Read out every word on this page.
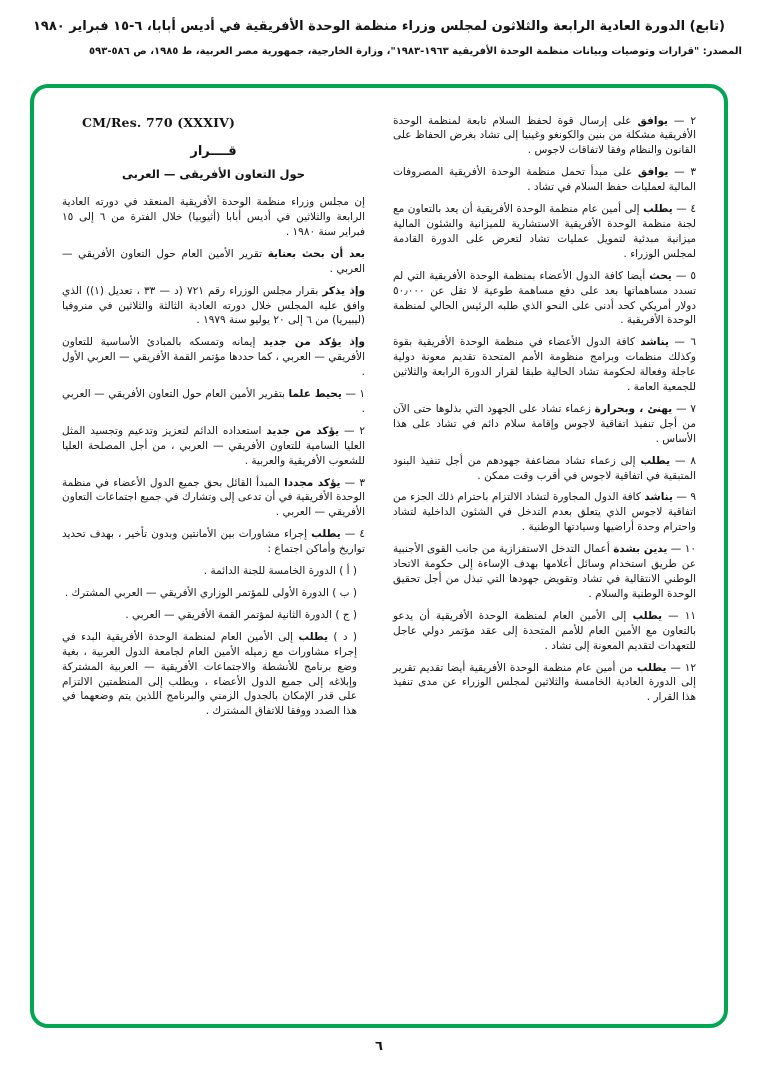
(تابع) الدورة العادية الرابعة والثلاثون لمجلس وزراء منظمة الوحدة الأفريقية في أديس أبابا، ٦-١٥ فبراير ١٩٨٠
المصدر: "قرارات وتوصيات وبيانات منظمة الوحدة الأفريقية ١٩٦٣-١٩٨٣"، وزارة الخارجية، جمهورية مصر العربية، ط ١٩٨٥، ص ٥٨٦-٥٩٣

٢ — يوافق على إرسال قوة لحفظ السلام تابعة لمنظمة الوحدة الأفريقية مشكلة من بنين والكونغو وغينيا إلى تشاد بغرض الحفاظ على القانون والنظام وفقا لاتفاقات لاجوس .

٣ — يوافق على مبدأ تحمل منظمة الوحدة الأفريقية المصروفات المالية لعمليات حفظ السلام في تشاد .

٤ — يطلب إلى أمين عام منظمة الوحدة الأفريقية أن يعد بالتعاون مع لجنة منظمة الوحدة الأفريقية الاستشارية للميزانية والشئون المالية ميزانية مبدئية لتمويل عمليات تشاد لتعرض على الدورة القادمة لمجلس الوزراء .

٥ — يحث أيضا كافة الدول الأعضاء بمنظمة الوحدة الأفريقية التي لم تسدد مساهماتها بعد على دفع مساهمة طوعية لا تقل عن ٥٠٫٠٠٠ دولار أمريكي كحد أدنى على النحو الذي طلبه الرئيس الحالي لمنظمة الوحدة الأفريقية .

٦ — يناشد كافة الدول الأعضاء في منظمة الوحدة الأفريقية بقوة وكذلك منظمات وبرامج منظومة الأمم المتحدة تقديم معونة دولية عاجلة وفعالة لحكومة تشاد الحالية طبقا لقرار الدورة الرابعة والثلاثين للجمعية العامة .

٧ — يهنئ ، وبحرارة زعماء تشاد على الجهود التي بذلوها حتى الآن من أجل تنفيذ اتفاقية لاجوس وإقامة سلام دائم في تشاد على هذا الأساس .

٨ — يطلب إلى زعماء تشاد مضاعفة جهودهم من أجل تنفيذ البنود المتبقية في اتفاقية لاجوس في أقرب وقت ممكن .

٩ — يناشد كافة الدول المجاورة لتشاد الالتزام باحترام ذلك الجزء من اتفاقية لاجوس الذي يتعلق بعدم التدخل في الشئون الداخلية لتشاد واحترام وحدة أراضيها وسيادتها الوطنية .

١٠ — يدين بشدة أعمال التدخل الاستفزازية من جانب القوى الأجنبية عن طريق استخدام وسائل أعلامها بهدف الإساءة إلى حكومة الاتحاد الوطني الانتقالية في تشاد وتقويض جهودها التي تبذل من أجل تحقيق الوحدة الوطنية والسلام .

١١ — يطلب إلى الأمين العام لمنظمة الوحدة الأفريقية أن يدعو بالتعاون مع الأمين العام للأمم المتحدة إلى عقد مؤتمر دولي عاجل للتعهدات لتقديم المعونة إلى تشاد .

١٢ — يطلب من أمين عام منظمة الوحدة الأفريقية أيضا تقديم تقرير إلى الدورة العادية الخامسة والثلاثين لمجلس الوزراء عن مدى تنفيذ هذا القرار .

CM/Res. 770 (XXXIV)
قــــرار
حول التعاون الأفريقى — العربى

إن مجلس وزراء منظمة الوحدة الأفريقية المنعقد في دورته العادية الرابعة والثلاثين في أديس أبابا (أثيوبيا) خلال الفترة من ٦ إلى ١٥ فبراير سنة ١٩٨٠ .

بعد أن بحث بعناية تقرير الأمين العام حول التعاون الأفريقي — العربي .

وإذ يذكر بقرار مجلس الوزراء رقم ٧٢١ (د — ٣٣ ، تعديل (١)) الذي وافق عليه المجلس خلال دورته العادية الثالثة والثلاثين في منروفيا (ليبيريا) من ٦ إلى ٢٠ يوليو سنة ١٩٧٩ .

وإذ يؤكد من جديد إيمانه وتمسكه بالمبادئ الأساسية للتعاون الأفريقي — العربي ، كما حددها مؤتمر القمة الأفريقي — العربي الأول .

١ — يحيط علما بتقرير الأمين العام حول التعاون الأفريقي — العربي .

٢ — يؤكد من جديد استعداده الدائم لتعزيز وتدعيم وتجسيد المثل العليا السامية للتعاون الأفريقي — العربي ، من أجل المصلحة العليا للشعوب الأفريقية والعربية .

٣ — يؤكد مجددا المبدأ القائل بحق جميع الدول الأعضاء في منظمة الوحدة الأفريقية في أن تدعى إلى وتشارك في جميع اجتماعات التعاون الأفريقي — العربي .

٤ — يطلب إجراء مشاورات بين الأمانتين وبدون تأخير ، بهدف تحديد تواريخ وأماكن اجتماع :

( أ ) الدورة الخامسة للجنة الدائمة .

( ب ) الدورة الأولى للمؤتمر الوزاري الأفريقي — العربي المشترك .

( ج ) الدورة الثانية لمؤتمر القمة الأفريقي — العربي .

( د ) يطلب إلى الأمين العام لمنظمة الوحدة الأفريقية البدء في إجراء مشاورات مع زميله الأمين العام لجامعة الدول العربية ، بغية وضع برنامج للأنشطة والاجتماعات الأفريقية — العربية المشتركة وإبلاغه إلى جميع الدول الأعضاء ، ويطلب إلى المنظمتين الالتزام على قدر الإمكان بالجدول الزمني والبرنامج اللذين يتم وضعهما في هذا الصدد ووفقا للاتفاق المشترك .

٦
